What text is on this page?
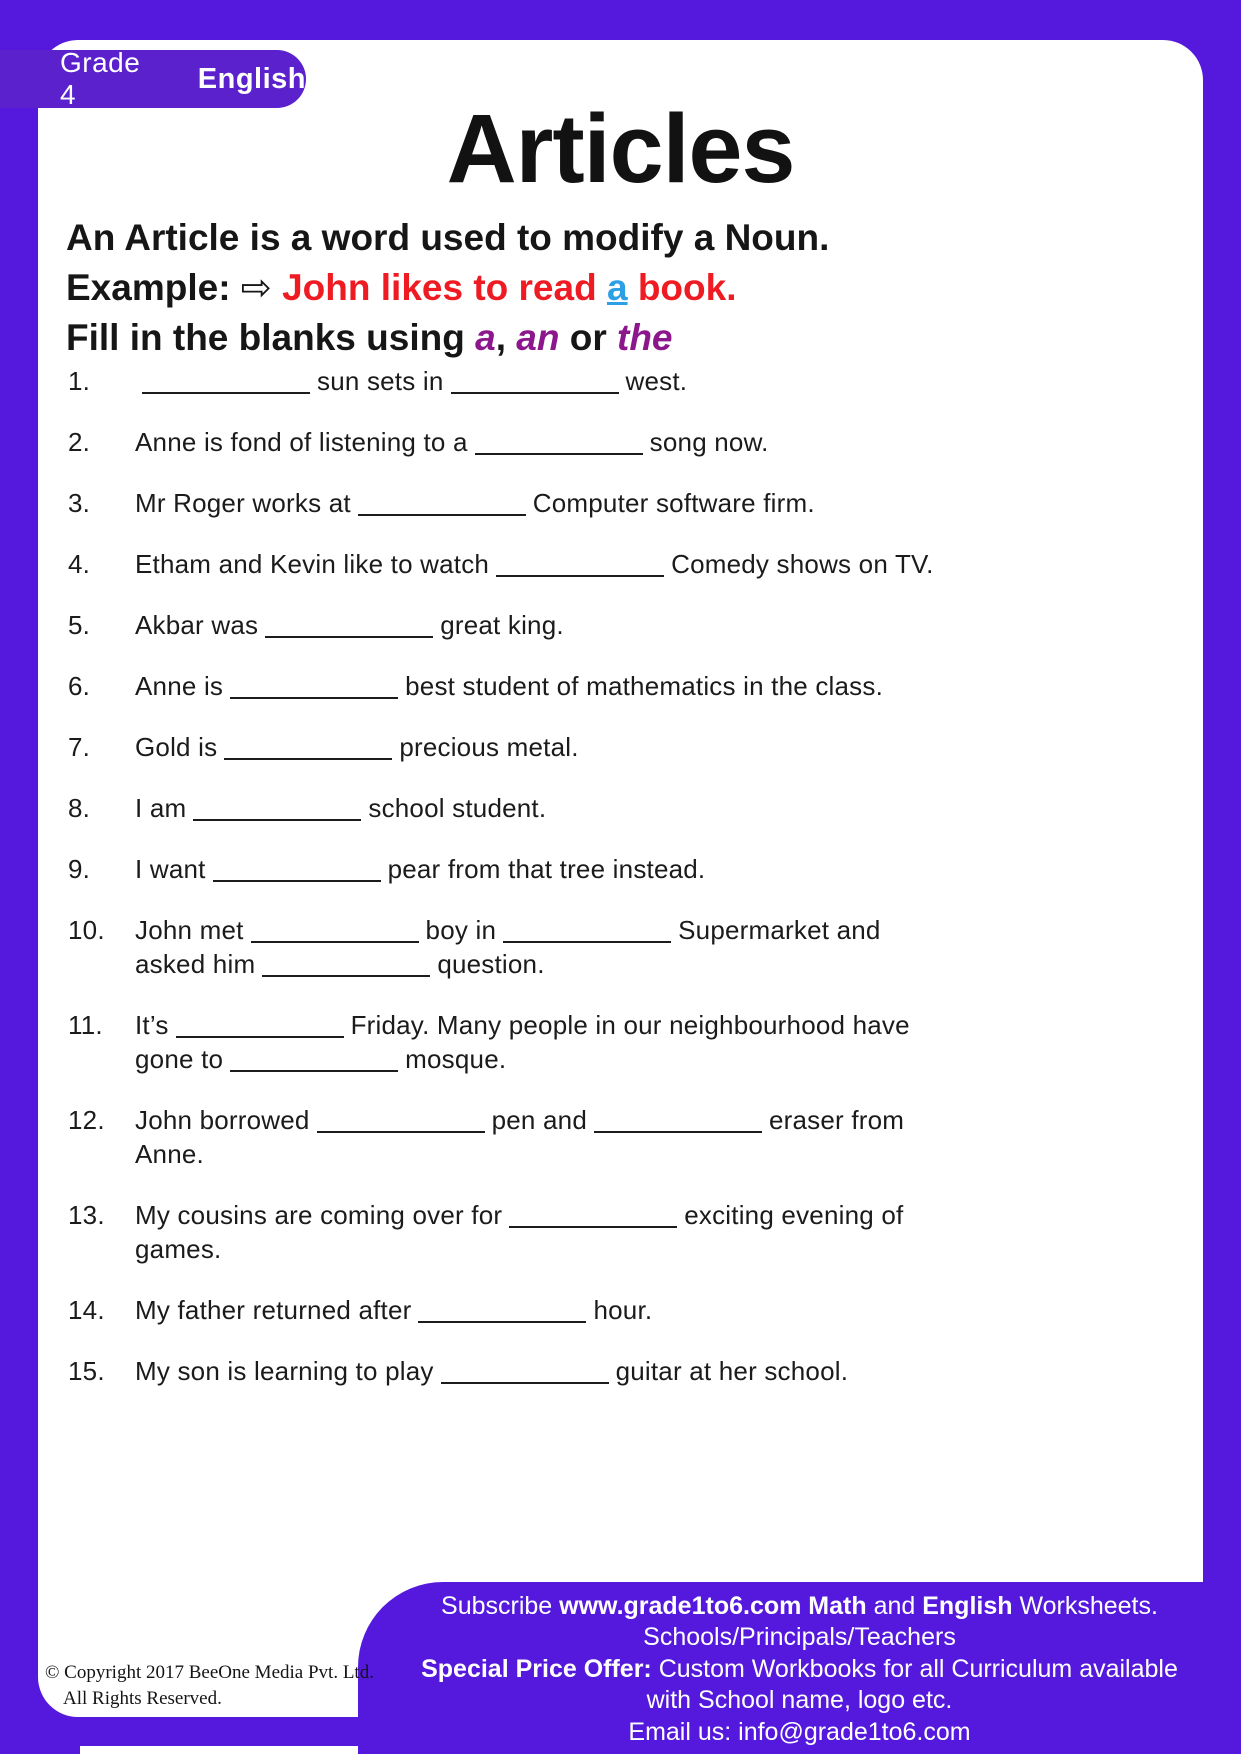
Grade 4	English
Articles
An Article is a word used to modify a Noun.
Example: ⇨ John likes to read a book.
Fill in the blanks using a, an or the
1.	sun sets in	west.
2.	Anne is fond of listening to a	song now.
3.	Mr Roger works at	Computer software firm.
4.	Etham and Kevin like to watch	Comedy shows on TV.
5.	Akbar was	great king.
6.	Anne is	best student of mathematics in the class.
7.	Gold is	precious metal.
8.	I am	school student.
9.	I want	pear from that tree instead.
10.	John met	boy in	Supermarket and
asked him	question.
11.	It’s	Friday. Many people in our neighbourhood have
gone to	mosque.
12.	John borrowed	pen and	eraser from
Anne.
13.	My cousins are coming over for	exciting evening of
games.
14.	My father returned after	hour.
15.	My son is learning to play	guitar at her school.

Subscribe www.grade1to6.com Math and English Worksheets.

Schools/Principals/Teachers

Special Price Offer: Custom Workbooks for all Curriculum available

with School name, logo etc.

Email us: info@grade1to6.com

© Copyright 2017 BeeOne Media Pvt. Ltd.
All Rights Reserved.
